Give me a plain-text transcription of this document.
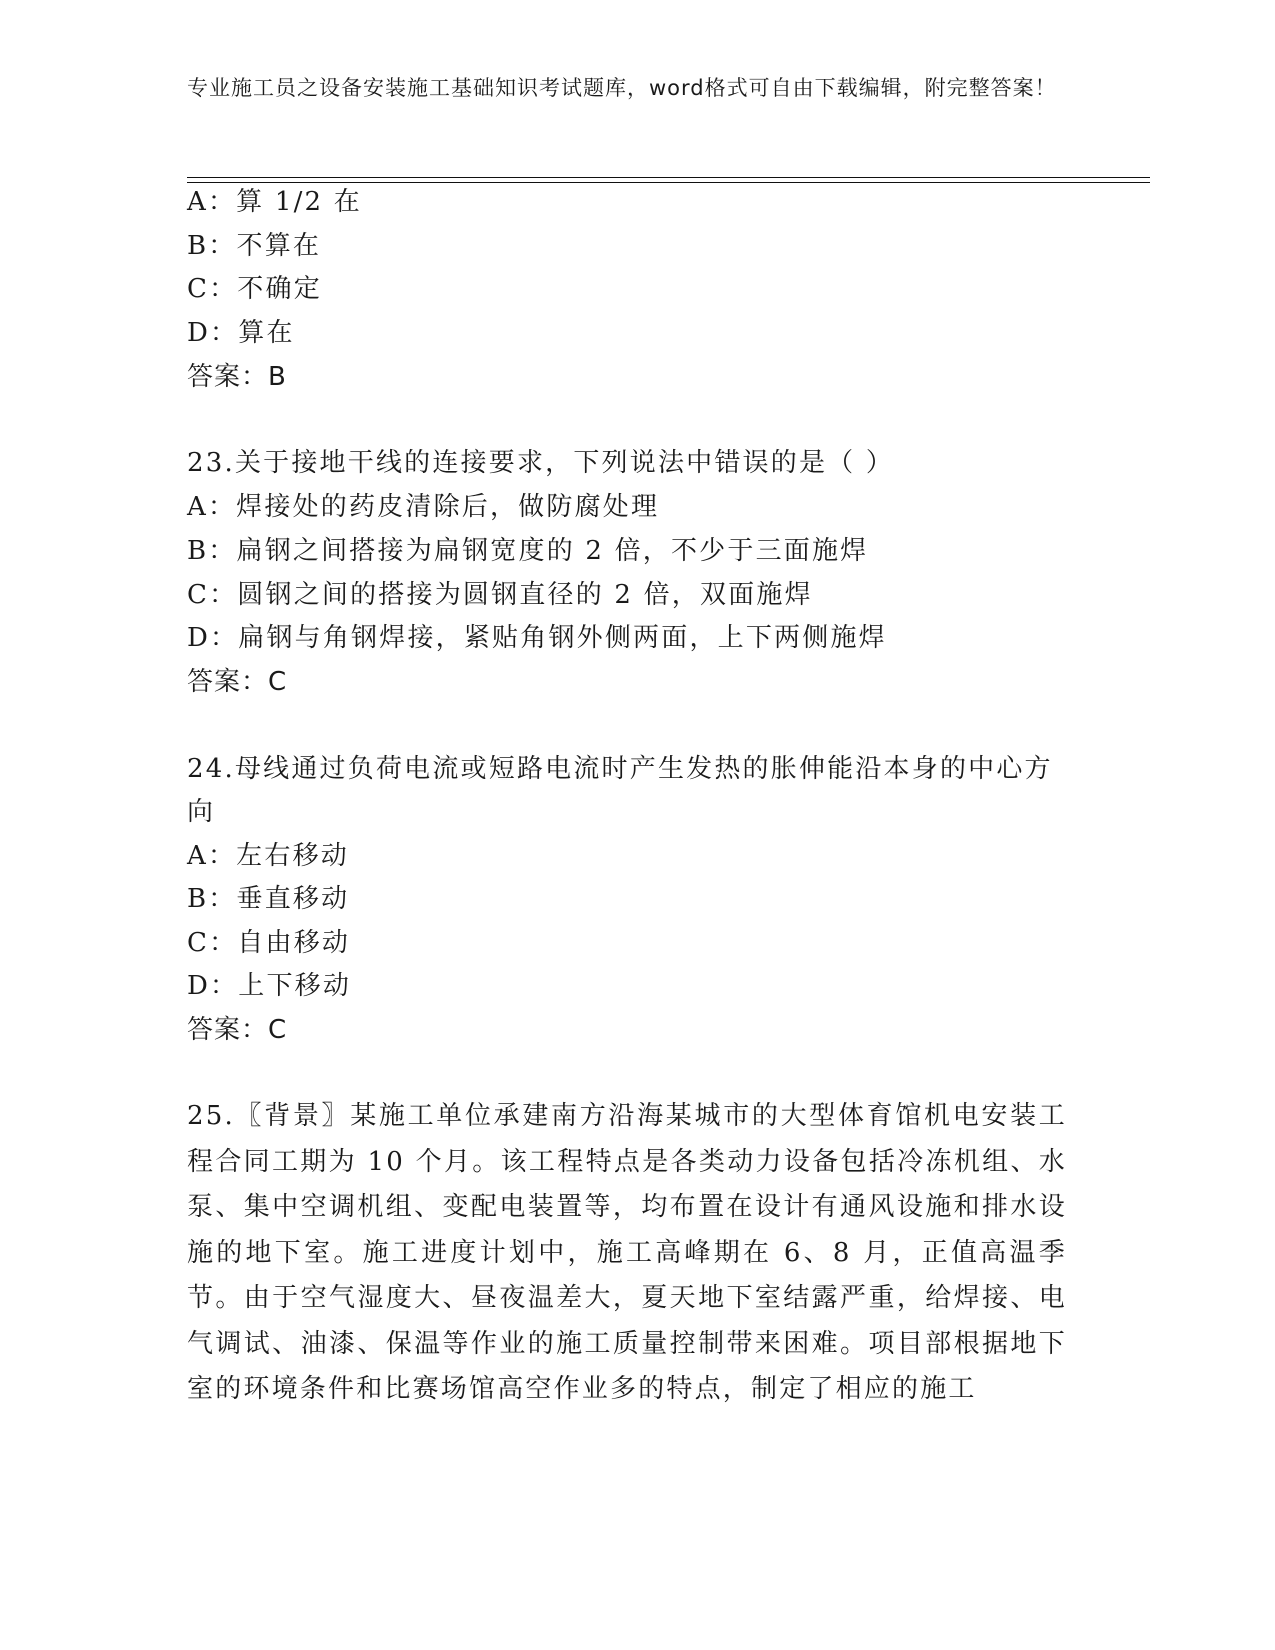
专业施工员之设备安装施工基础知识考试题库，word格式可自由下载编辑，附完整答案！
A：算 1/2 在
B：不算在
C：不确定
D：算在
答案：B
23.关于接地干线的连接要求，下列说法中错误的是（ ）
A：焊接处的药皮清除后，做防腐处理
B：扁钢之间搭接为扁钢宽度的 2 倍，不少于三面施焊
C：圆钢之间的搭接为圆钢直径的 2 倍，双面施焊
D：扁钢与角钢焊接，紧贴角钢外侧两面，上下两侧施焊
答案：C
24.母线通过负荷电流或短路电流时产生发热的胀伸能沿本身的中心方
向
A：左右移动
B：垂直移动
C：自由移动
D：上下移动
答案：C
25.〖背景〗某施工单位承建南方沿海某城市的大型体育馆机电安装工程合同工期为 10 个月。该工程特点是各类动力设备包括冷冻机组、水泵、集中空调机组、变配电装置等，均布置在设计有通风设施和排水设施的地下室。施工进度计划中，施工高峰期在 6、8 月，正值高温季节。由于空气湿度大、昼夜温差大，夏天地下室结露严重，给焊接、电气调试、油漆、保温等作业的施工质量控制带来困难。项目部根据地下室的环境条件和比赛场馆高空作业多的特点，制定了相应的施工
